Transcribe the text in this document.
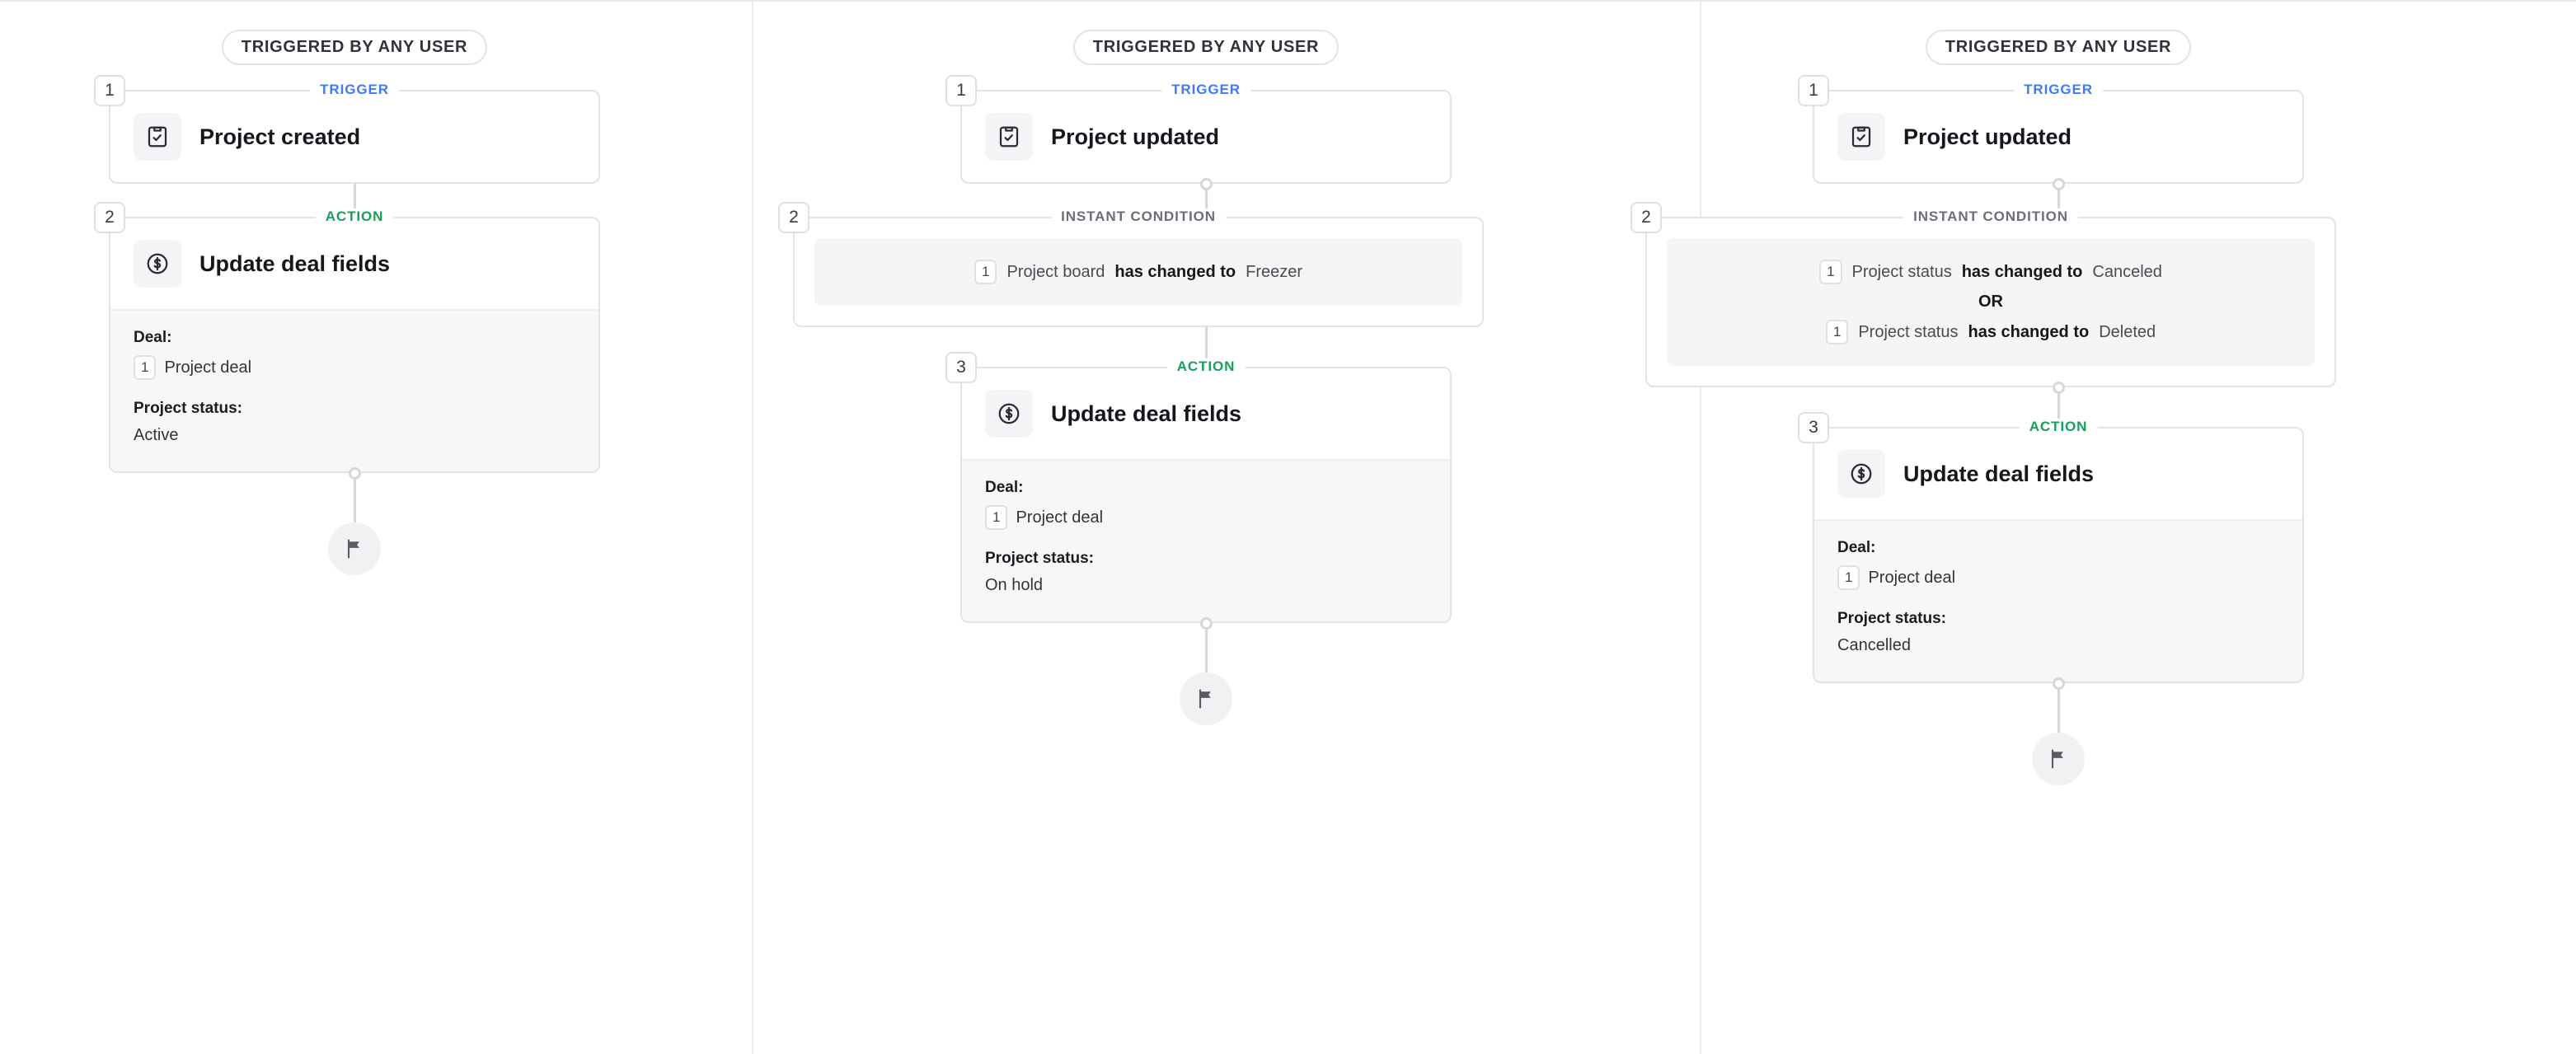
TRIGGERED BY ANY USER
1	TRIGGER
Project created
2	ACTION
Update deal fields
Deal:
1 Project deal
Project status:
Active
TRIGGERED BY ANY USER
1	TRIGGER
Project updated
2	INSTANT CONDITION
1	Project board has changed to Freezer
3	ACTION
Update deal fields
Deal:
1 Project deal
Project status:
On hold
TRIGGERED BY ANY USER
1	TRIGGER
Project updated
2	INSTANT CONDITION
1	Project status has changed to Canceled
OR
1	Project status has changed to Deleted
3	ACTION
Update deal fields
Deal:
1 Project deal
Project status:
Cancelled
